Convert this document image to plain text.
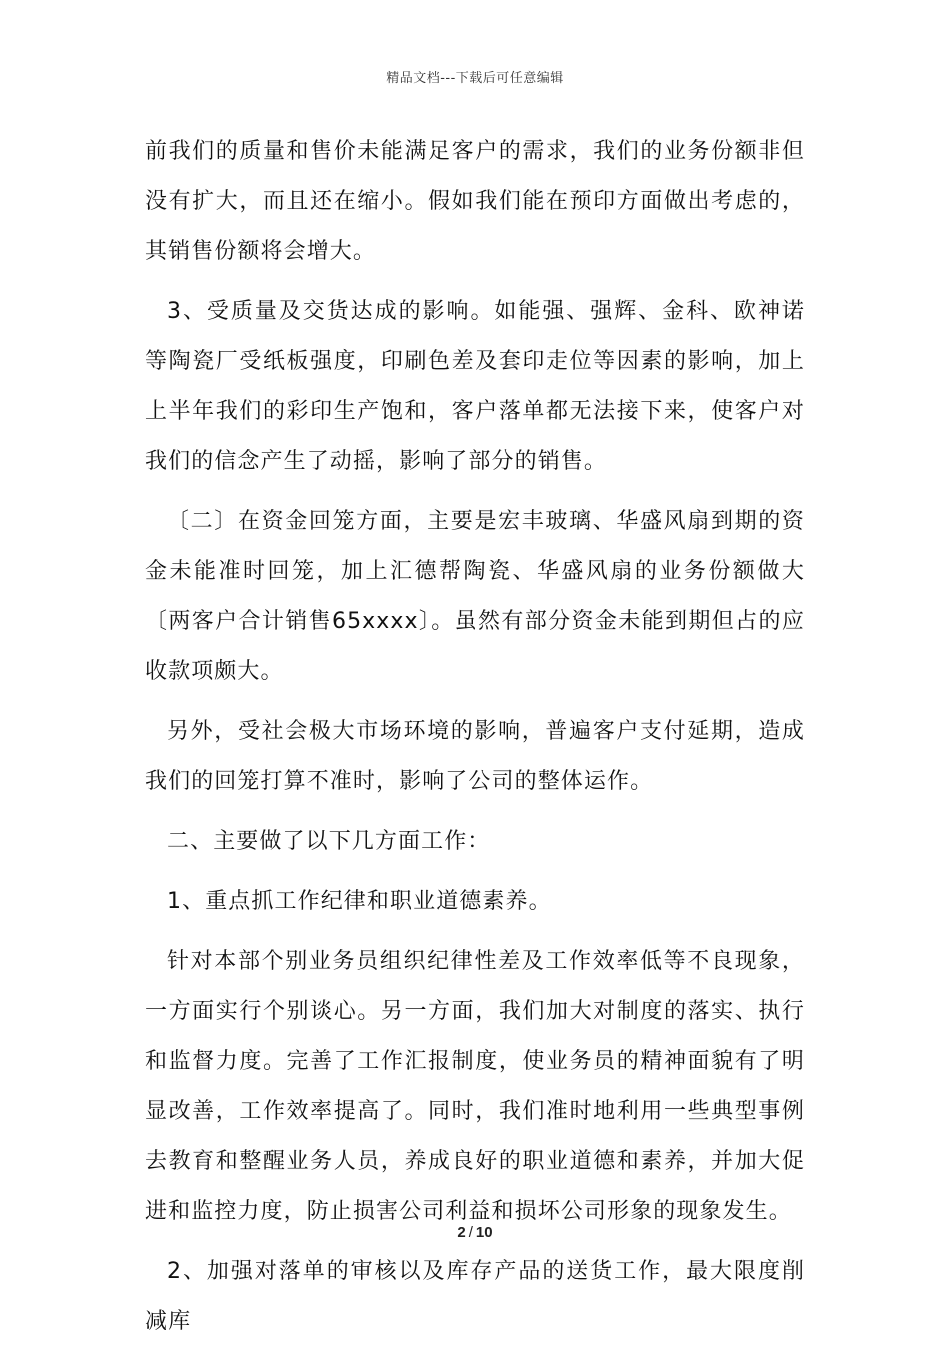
精品文档---下载后可任意编辑

前我们的质量和售价未能满足客户的需求，我们的业务份额非但没有扩大，而且还在缩小。假如我们能在预印方面做出考虑的，其销售份额将会增大。

3、受质量及交货达成的影响。如能强、强辉、金科、欧神诺等陶瓷厂受纸板强度，印刷色差及套印走位等因素的影响，加上上半年我们的彩印生产饱和，客户落单都无法接下来，使客户对我们的信念产生了动摇，影响了部分的销售。

〔二〕在资金回笼方面，主要是宏丰玻璃、华盛风扇到期的资金未能准时回笼，加上汇德帮陶瓷、华盛风扇的业务份额做大〔两客户合计销售65xxxx〕。虽然有部分资金未能到期但占的应收款项颇大。

另外，受社会极大市场环境的影响，普遍客户支付延期，造成我们的回笼打算不准时，影响了公司的整体运作。

二、主要做了以下几方面工作：

1、重点抓工作纪律和职业道德素养。

针对本部个别业务员组织纪律性差及工作效率低等不良现象，一方面实行个别谈心。另一方面，我们加大对制度的落实、执行和监督力度。完善了工作汇报制度，使业务员的精神面貌有了明显改善，工作效率提高了。同时，我们准时地利用一些典型事例去教育和整醒业务人员，养成良好的职业道德和素养，并加大促进和监控力度，防止损害公司利益和损坏公司形象的现象发生。

2、加强对落单的审核以及库存产品的送货工作，最大限度削减库

2 / 10
